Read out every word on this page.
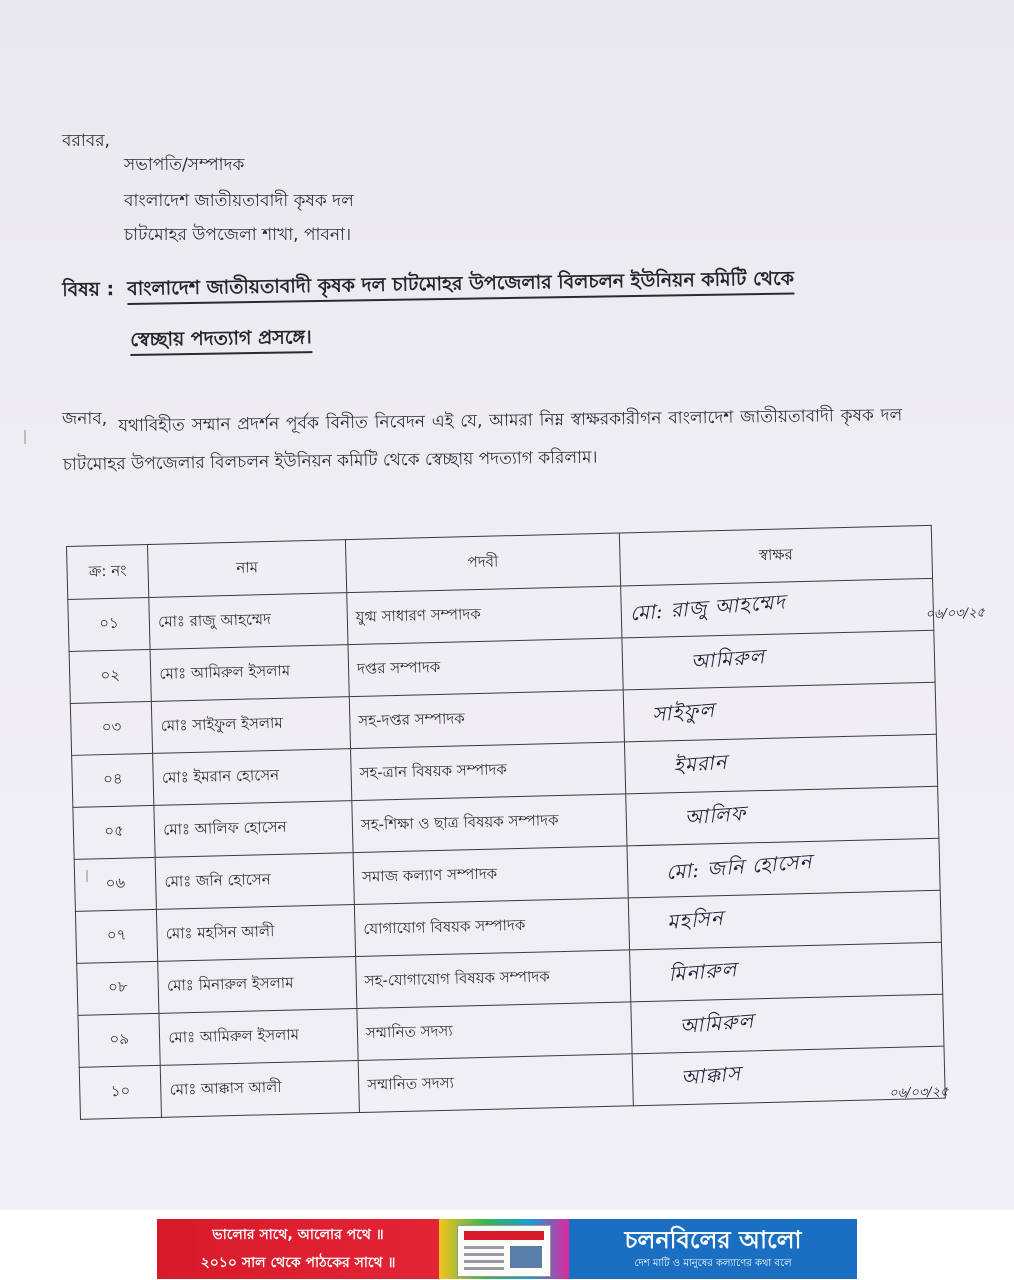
বরাবর,
সভাপতি/সম্পাদক
বাংলাদেশ জাতীয়তাবাদী কৃষক দল
চাটমোহর উপজেলা শাখা, পাবনা।
বিষয় : বাংলাদেশ জাতীয়তাবাদী কৃষক দল চাটমোহর উপজেলার বিলচলন ইউনিয়ন কমিটি থেকে
স্বেচ্ছায় পদত্যাগ প্রসঙ্গে।
জনাব, যথাবিহীত সম্মান প্রদর্শন পূর্বক বিনীত নিবেদন এই যে, আমরা নিম্ন স্বাক্ষরকারীগন বাংলাদেশ জাতীয়তাবাদী কৃষক দল চাটমোহর উপজেলার বিলচলন ইউনিয়ন কমিটি থেকে স্বেচ্ছায় পদত্যাগ করিলাম।
ক্র: নং	নাম	পদবী	স্বাক্ষর
০১	মোঃ রাজু আহম্মেদ	যুগ্ম সাধারণ সম্পাদক	মো: রাজু আহম্মেদ ০৬/০৩/২৫

০২	মোঃ আমিরুল ইসলাম	দপ্তর সম্পাদক	আমিরুল
০৩	মোঃ সাইফুল ইসলাম	সহ-দপ্তর সম্পাদক	সাইফুল
০৪	মোঃ ইমরান হোসেন	সহ-ত্রান বিষয়ক সম্পাদক	ইমরান
০৫	মোঃ আলিফ হোসেন	সহ-শিক্ষা ও ছাত্র বিষয়ক সম্পাদক	আলিফ
০৬	মোঃ জনি হোসেন	সমাজ কল্যাণ সম্পাদক	মো: জনি হোসেন
০৭	মোঃ মহসিন আলী	যোগাযোগ বিষয়ক সম্পাদক	মহসিন
০৮	মোঃ মিনারুল ইসলাম	সহ-যোগাযোগ বিষয়ক সম্পাদক	মিনারুল
০৯	মোঃ আমিরুল ইসলাম	সম্মানিত সদস্য	আমিরুল
১০	মোঃ আক্কাস আলী	সম্মানিত সদস্য	আক্কাস
০৬/০৩/২৫
ভালোর সাথে, আলোর পথে ॥
২০১০ সাল থেকে পাঠকের সাথে ॥
চলনবিলের আলো
দেশ মাটি ও মানুষের কল্যাণের কথা বলে
